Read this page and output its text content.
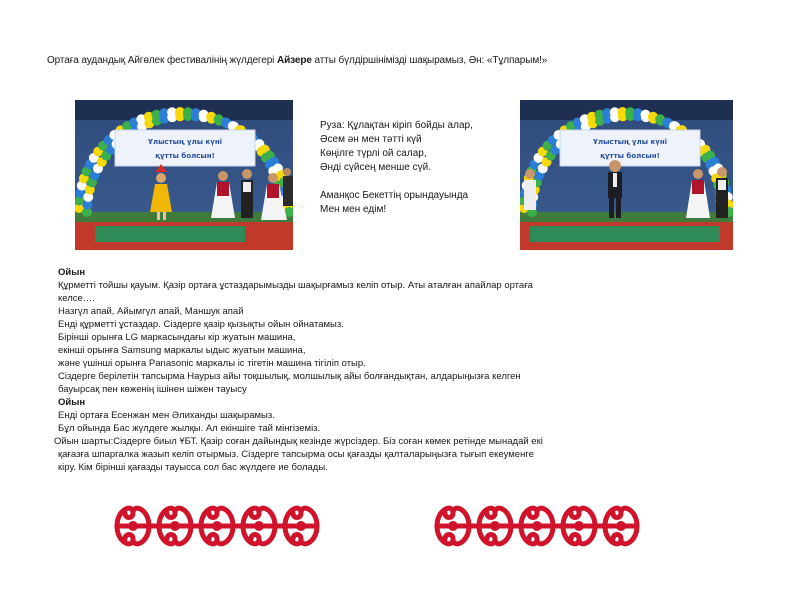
Ортаға аудандық Айгөлек фестивалінің жүлдегері Айзере атты бүлдіршінімізді шақырамыз, Ән: «Тұлпарым!»
Ұлыстың ұлы күні
құтты болсын!
Ұлыстың ұлы күні
құтты болсын!
Руза: Құлақтан кіріп бойды алар,
Әсем ән мен тәтті күй
Көңілге түрлі ой салар,
Әнді сүйсең менше сүй.
Аманқос Бекеттің орындауында
Мен мен едім!
Ойын
Құрметті тойшы қауым. Қазір ортаға ұстаздарымызды шақырғамыз келіп отыр. Аты аталған апайлар ортаға
келсе….
Назгүл апай, Айымгүл апай, Маншук апай
Енді құрметті ұстаздар. Сіздерге қазір қызықты ойын ойнатамыз.
Бірінші орынға LG маркасындағы кір жуатын машина,
екінші орынға Samsung маркалы ыдыс жуатын машина,
және үшінші орынға Panasonic маркалы іс тігетін машина тігіліп отыр.
Сіздерге берілетін тапсырма Наурыз айы тоқшылық, молшылық айы болғандықтан, алдарыңызға келген
бауырсақ пен көженің ішінен шіжен тауысу
Ойын
Енді ортаға Есенжан мен Әлиханды шақырамыз.
Бұл ойында Бас жүлдеге жылқы. Ал екіншіге тай мінгіземіз.
Ойын шарты:Сіздерге биыл ҰБТ. Қазір соған дайындық кезінде жүрсіздер. Біз соған көмек ретінде мынадай екі
қағазға шпаргалка жазып келіп отырмыз. Сіздерге тапсырма осы қағазды қалталарыңызға тығып екеуменге
кіру. Кім бірінші қағазды тауысса сол бас жүлдеге ие болады.
